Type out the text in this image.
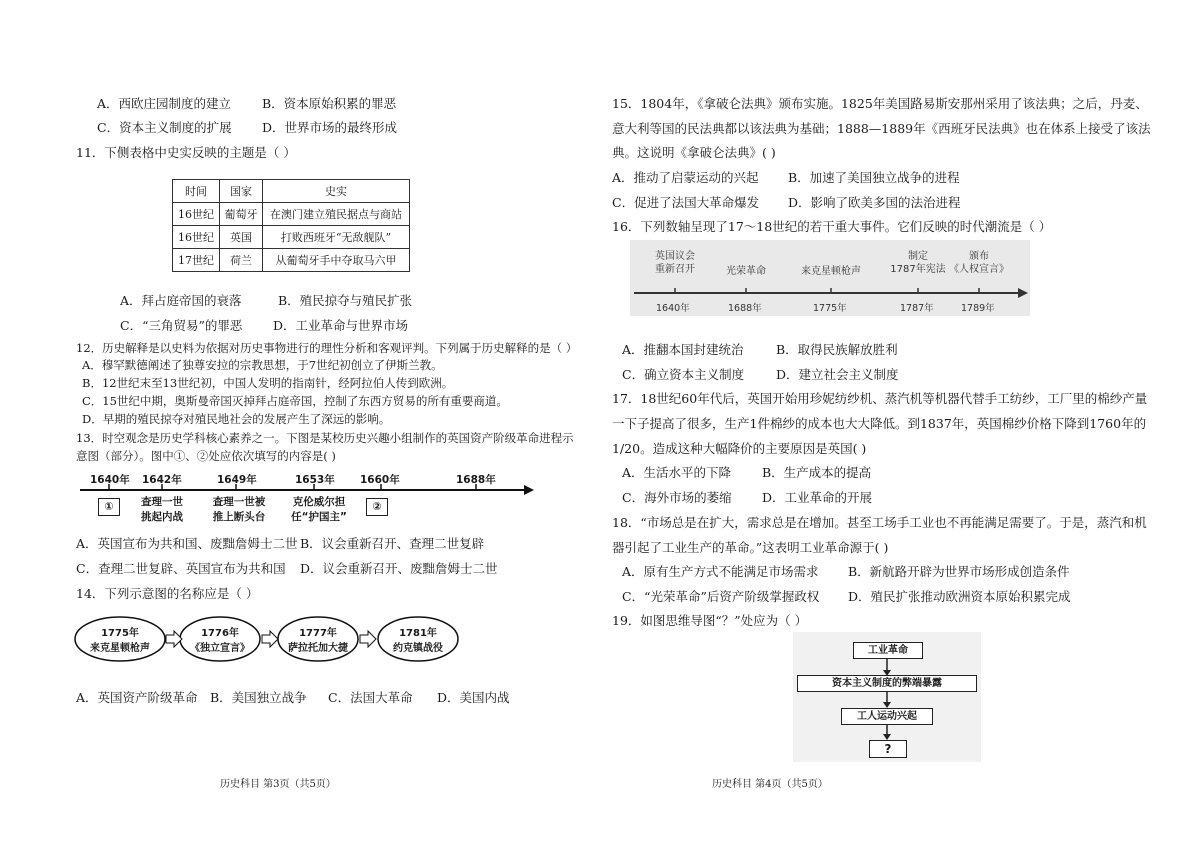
A．西欧庄园制度的建立 B．资本原始积累的罪恶
C．资本主义制度的扩展 D．世界市场的最终形成
11．下侧表格中史实反映的主题是（ ）
时间	国家	史实
16世纪	葡萄牙	在澳门建立殖民据点与商站
16世纪	英国	打败西班牙“无敌舰队”
17世纪	荷兰	从葡萄牙手中夺取马六甲
A．拜占庭帝国的衰落	B．殖民掠夺与殖民扩张
C．“三角贸易”的罪恶 D．工业革命与世界市场
12．历史解释是以史料为依据对历史事物进行的理性分析和客观评判。下列属于历史解释的是（ ）
A．穆罕默德阐述了独尊安拉的宗教思想，于7世纪初创立了伊斯兰教。
B．12世纪末至13世纪初，中国人发明的指南针，经阿拉伯人传到欧洲。
C．15世纪中期，奥斯曼帝国灭掉拜占庭帝国，控制了东西方贸易的所有重要商道。
D．早期的殖民掠夺对殖民地社会的发展产生了深远的影响。
13．时空观念是历史学科核心素养之一。下图是某校历史兴趣小组制作的英国资产阶级革命进程示
意图（部分）。图中①、②处应依次填写的内容是( )
1640年 1642年	1649年	1653年 1660年	1688年
①	②
查理一世
挑起内战
查理一世被
推上断头台
克伦威尔担
任“护国主”
A．英国宣布为共和国、废黜詹姆士二世 B．议会重新召开、查理二世复辟
C．查理二世复辟、英国宣布为共和国 D．议会重新召开、废黜詹姆士二世
14．下列示意图的名称应是（ ）
1775年
来克星顿枪声
1776年
《独立宣言》
1777年
萨拉托加大捷
1781年
约克镇战役
A．英国资产阶级革命 B．美国独立战争 C．法国大革命 D．美国内战
历史科目 第3页（共5页）
15．1804年，《拿破仑法典》颁布实施。1825年美国路易斯安那州采用了该法典；之后，丹麦、
意大利等国的民法典都以该法典为基础；1888—1889年《西班牙民法典》也在体系上接受了该法
典。这说明《拿破仑法典》( )
A．推动了启蒙运动的兴起 B．加速了美国独立战争的进程
C．促进了法国大革命爆发 D．影响了欧美多国的法治进程
16．下列数轴呈现了17～18世纪的若干重大事件。它们反映的时代潮流是（ ）
英国议会
重新召开	光荣革命	来克星顿枪声
制定
1787年宪法
颁布
《人权宣言》
1640年	1688年	1775年	1787年	1789年
A．推翻本国封建统治	B．取得民族解放胜利
C．确立资本主义制度	D．建立社会主义制度
17．18世纪60年代后，英国开始用珍妮纺纱机、蒸汽机等机器代替手工纺纱，工厂里的棉纱产量
一下子提高了很多，生产1件棉纱的成本也大大降低。到1837年，英国棉纱价格下降到1760年的
1/20。造成这种大幅降价的主要原因是英国( )
A．生活水平的下降 B．生产成本的提高
C．海外市场的萎缩 D．工业革命的开展
18．“市场总是在扩大，需求总是在增加。甚至工场手工业也不再能满足需要了。于是，蒸汽和机
器引起了工业生产的革命。”这表明工业革命源于( )
A．原有生产方式不能满足市场需求 B．新航路开辟为世界市场形成创造条件
C．“光荣革命”后资产阶级掌握政权 D．殖民扩张推动欧洲资本原始积累完成
19．如图思维导图“？”处应为（ ）
工业革命
资本主义制度的弊端暴露
工人运动兴起
?
历史科目 第4页（共5页）
